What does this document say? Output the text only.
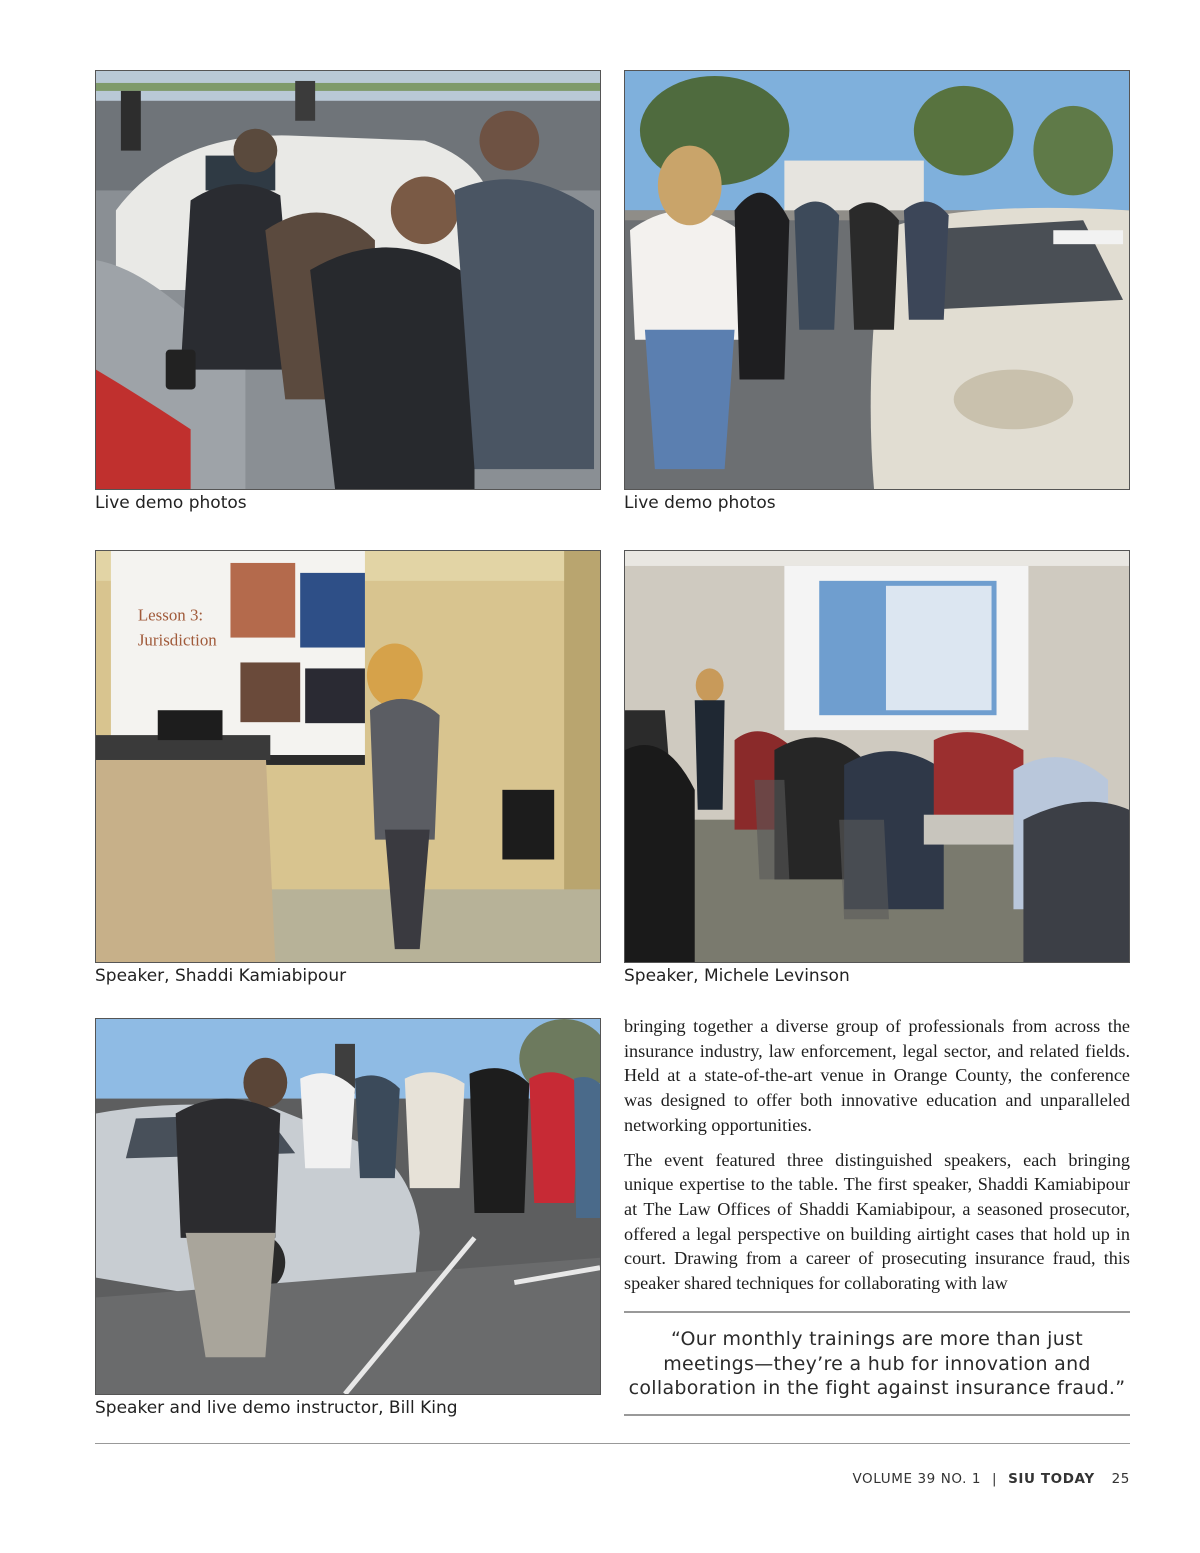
Live demo photos	Live demo photos
Lesson 3:
Jurisdiction
Speaker, Shaddi Kamiabipour	Speaker, Michele Levinson
Speaker and live demo instructor, Bill King

bringing together a diverse group of professionals from across the insurance industry, law enforcement, legal sector, and related fields. Held at a state-of-the-art venue in Orange County, the conference was designed to offer both innovative education and unparalleled networking opportunities.

The event featured three distinguished speakers, each bringing unique expertise to the table. The first speaker, Shaddi Kamiabipour at The Law Offices of Shaddi Kamiabipour, a seasoned prosecutor, offered a legal perspective on building airtight cases that hold up in court. Drawing from a career of prosecuting insurance fraud, this speaker shared techniques for collaborating with law

“Our monthly trainings are more than just meetings—they’re a hub for innovation and collaboration in the fight against insurance fraud.”
VOLUME 39 NO. 1 | SIU TODAY 25
